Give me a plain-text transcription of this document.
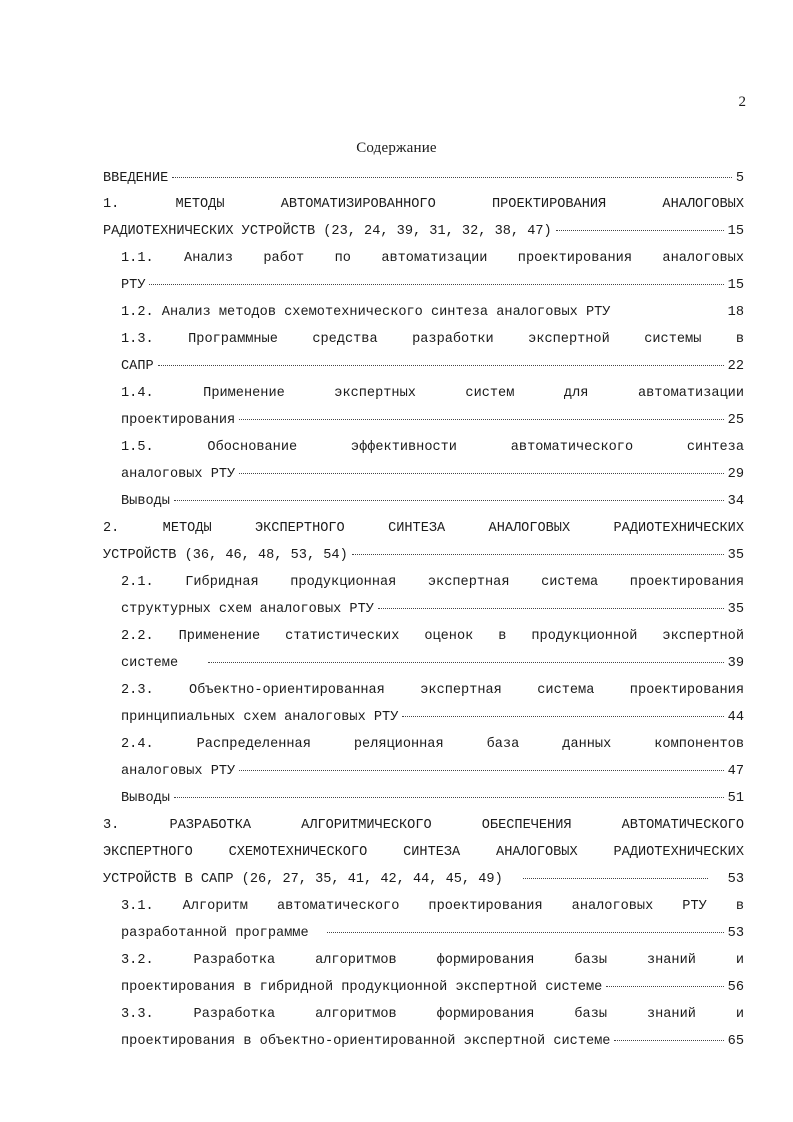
2
Содержание
ВВЕДЕНИЕ	5
1. МЕТОДЫ АВТОМАТИЗИРОВАННОГО ПРОЕКТИРОВАНИЯ АНАЛОГОВЫХ
РАДИОТЕХНИЧЕСКИХ УСТРОЙСТВ (23, 24, 39, 31, 32, 38, 47)	15
1.1. Анализ работ по автоматизации проектирования аналоговых
РТУ	15
1.2. Анализ методов схемотехнического синтеза аналоговых РТУ	18
1.3. Программные средства разработки экспертной системы в
САПР	22
1.4. Применение экспертных систем для автоматизации
проектирования	25
1.5. Обоснование эффективности автоматического синтеза
аналоговых РТУ	29
Выводы	34
2. МЕТОДЫ ЭКСПЕРТНОГО СИНТЕЗА АНАЛОГОВЫХ РАДИОТЕХНИЧЕСКИХ
УСТРОЙСТВ (36, 46, 48, 53, 54)	35
2.1. Гибридная продукционная экспертная система проектирования
структурных схем аналоговых РТУ	35
2.2. Применение статистических оценок в продукционной экспертной
системе	39
2.3. Объектно-ориентированная экспертная система проектирования
принципиальных схем аналоговых РТУ	44
2.4. Распределенная реляционная база данных компонентов
аналоговых РТУ	47
Выводы	51
3. РАЗРАБОТКА АЛГОРИТМИЧЕСКОГО ОБЕСПЕЧЕНИЯ АВТОМАТИЧЕСКОГО
ЭКСПЕРТНОГО СХЕМОТЕХНИЧЕСКОГО СИНТЕЗА АНАЛОГОВЫХ РАДИОТЕХНИЧЕСКИХ
УСТРОЙСТВ В САПР (26, 27, 35, 41, 42, 44, 45, 49)	53
3.1. Алгоритм автоматического проектирования аналоговых РТУ в
разработанной программе	53
3.2. Разработка алгоритмов формирования базы знаний и
проектирования в гибридной продукционной экспертной системе	56
3.3. Разработка алгоритмов формирования базы знаний и
проектирования в объектно-ориентированной экспертной системе	65
